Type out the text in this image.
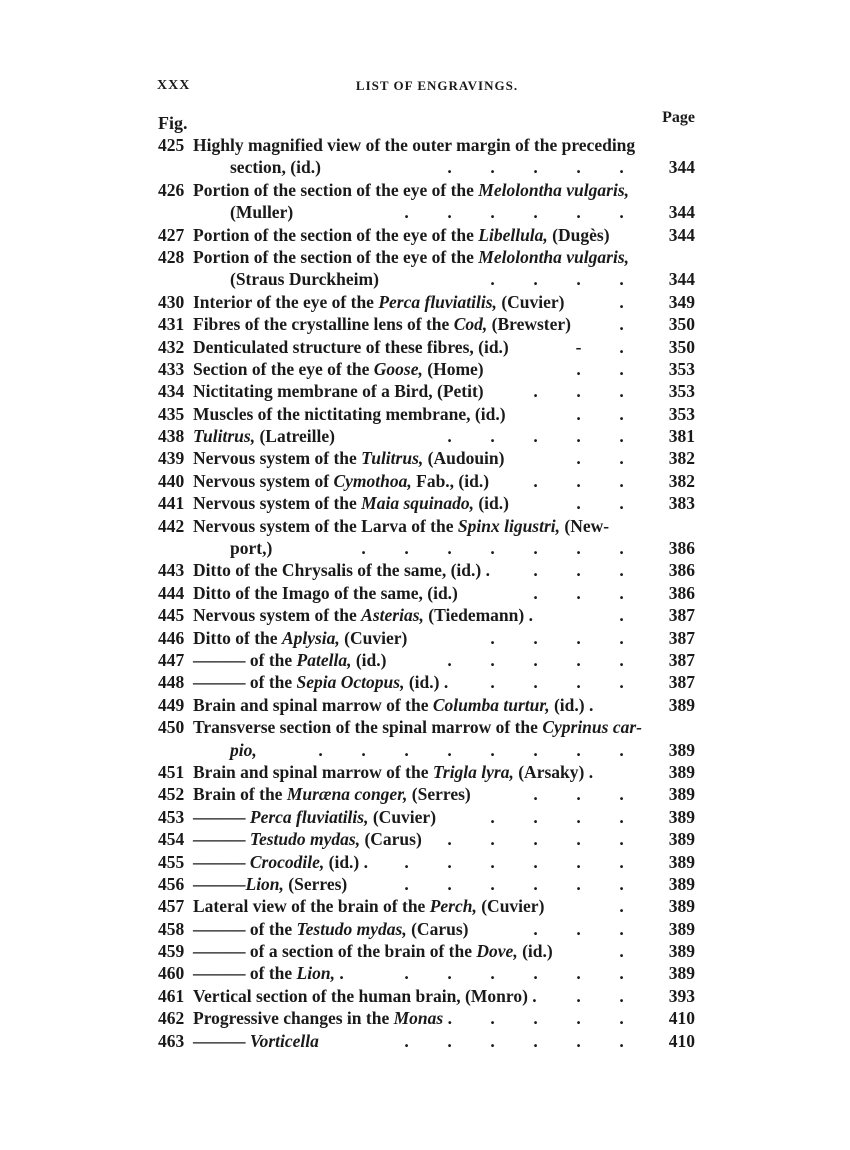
XXX	LIST OF ENGRAVINGS.
Fig.	Page
425 Highly magnified view of the outer margin of the preceding
section, (id.)	. . . . .	344
426 Portion of the section of the eye of the Melolontha vulgaris,
(Muller)	. . . . . .	344
427 Portion of the section of the eye of the Libellula, (Dugès)	344
428 Portion of the section of the eye of the Melolontha vulgaris,
(Straus Durckheim)	. . . .	344
430 Interior of the eye of the Perca fluviatilis, (Cuvier)	.	349
431 Fibres of the crystalline lens of the Cod, (Brewster)	.	350
432 Denticulated structure of these fibres, (id.)	- .	350
433 Section of the eye of the Goose, (Home)	. .	353
434 Nictitating membrane of a Bird, (Petit)	. . .	353
435 Muscles of the nictitating membrane, (id.)	. .	353
438 Tulitrus, (Latreille)	. . . . .	381
439 Nervous system of the Tulitrus, (Audouin)	. .	382
440 Nervous system of Cymothoa, Fab., (id.)	. . .	382
441 Nervous system of the Maia squinado, (id.)	. .	383
442 Nervous system of the Larva of the Spinx ligustri, (New-
port,)	. . . . . . .	386
443 Ditto of the Chrysalis of the same, (id.) .	. . .	386
444 Ditto of the Imago of the same, (id.)	. . .	386
445 Nervous system of the Asterias, (Tiedemann) .	.	387
446 Ditto of the Aplysia, (Cuvier)	. . . .	387
447 ——— of the Patella, (id.)	. . . . .	387
448 ——— of the Sepia Octopus, (id.) .	. . . .	387
449 Brain and spinal marrow of the Columba turtur, (id.) .	389
450 Transverse section of the spinal marrow of the Cyprinus car-
pio,	. . . . . . . .	389
451 Brain and spinal marrow of the Trigla lyra, (Arsaky) .	389
452 Brain of the Muræna conger, (Serres)	. . .	389
453 ——— Perca fluviatilis, (Cuvier)	. . . .	389
454 ——— Testudo mydas, (Carus)	. . . . .	389
455 ——— Crocodile, (id.) .	. . . . . .	389
456 ———Lion, (Serres)	. . . . . .	389
457 Lateral view of the brain of the Perch, (Cuvier)	.	389
458 ——— of the Testudo mydas, (Carus)	. . .	389
459 ——— of a section of the brain of the Dove, (id.)	.	389
460 ——— of the Lion, .	. . . . . .	389
461 Vertical section of the human brain, (Monro) .	. .	393
462 Progressive changes in the Monas .	. . . .	410
463 ——— Vorticella	. . . . . .	410
